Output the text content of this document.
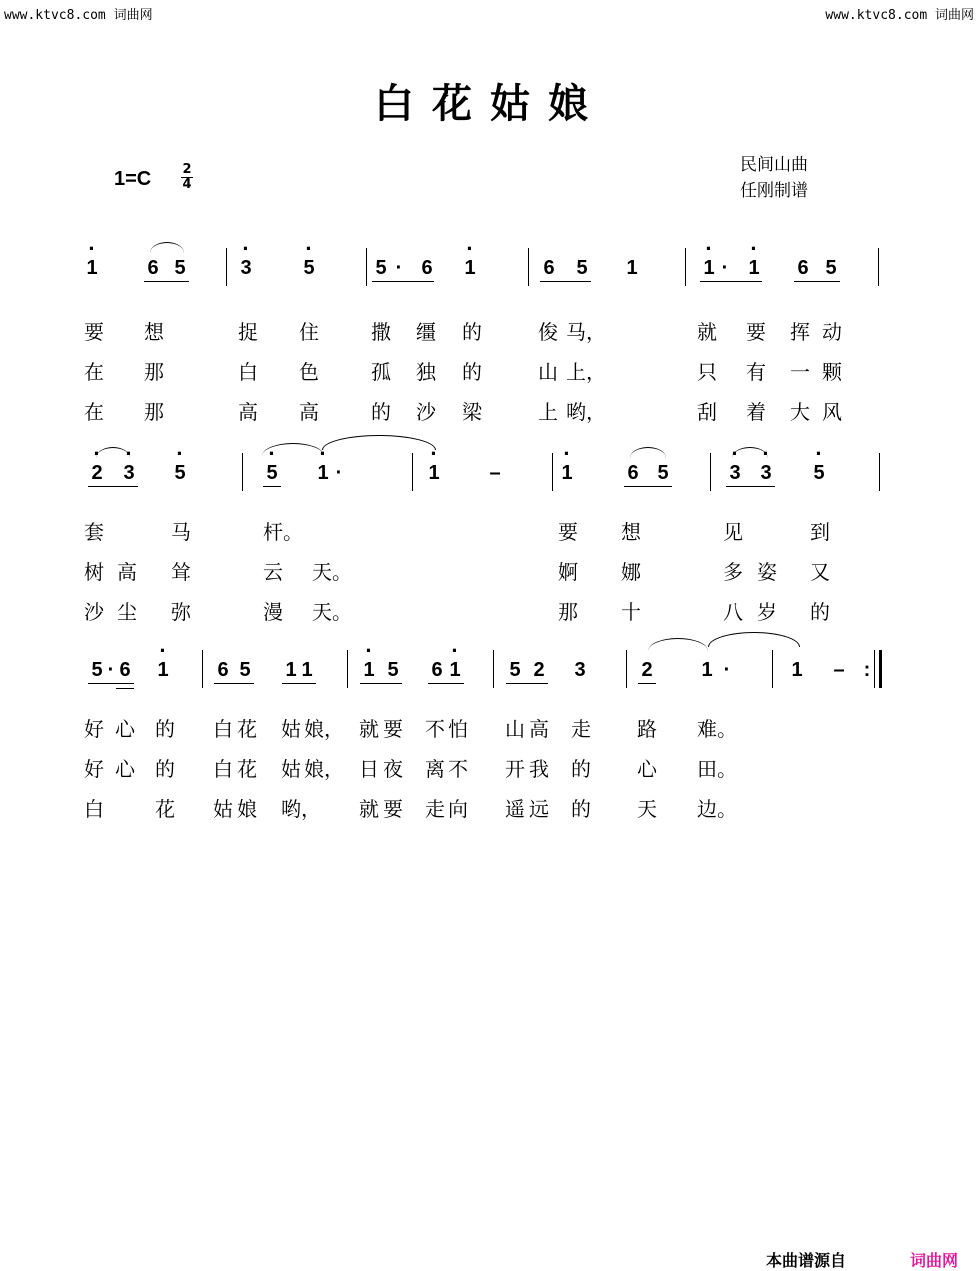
www.ktvc8.com 词曲网	www.ktvc8.com 词曲网
白花姑娘
民间山曲
任刚制谱
1=C 2
4
· 1 6 5	· 3	· 5	5 · 6 · 1	6 5 1	· 1 · · 1 6 5
要 想	捉 住	撒 缰 的	俊 马，	就 要 挥 动
在 那	白 色	孤 独 的	山 上，	只 有 一 颗
在 那	高 高	的 沙 梁	上 哟，	刮 着 大 风
· 2 · 3 · 5	· 5 · 1 ·	· 1 –	· 1	6 5	· 3 · 3 · 5
套	马	杆。	要 想	见	到
树 高 耸	云 天。	婀 娜	多 姿 又
沙 尘 弥	漫 天。	那 十	八 岁 的
5 · 6 · 1 6 5 1 1	· 1 5 6 · 1 5 2 3	2 1 ·	1 – :
好 心 的 白 花 姑 娘， 就 要 不 怕 山 高 走 路 难。
好 心 的 白 花 姑 娘， 日 夜 离 不 开 我 的 心 田。
白	花 姑 娘 哟， 就 要 走 向 遥 远 的 天 边。
本曲谱源自	词曲网
